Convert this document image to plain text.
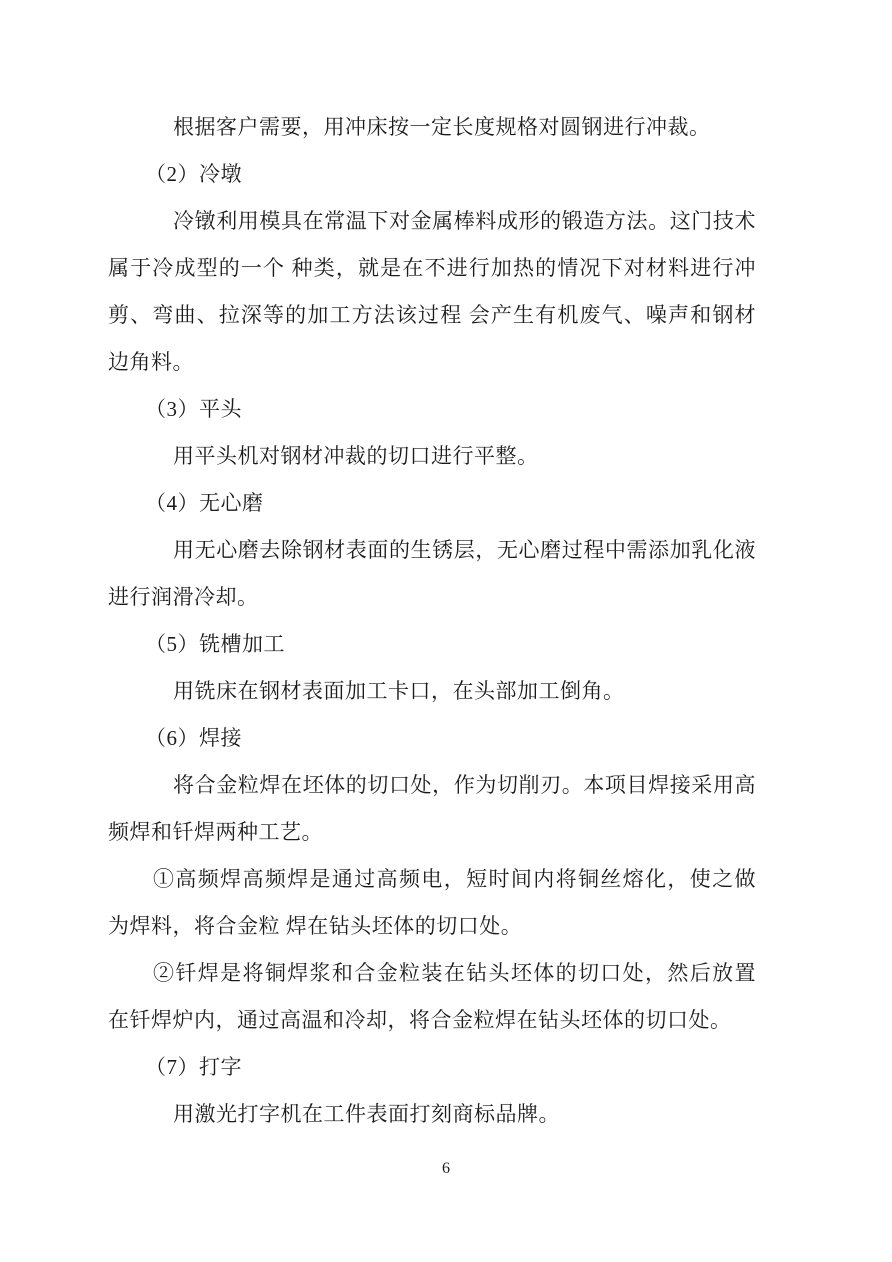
根据客户需要，用冲床按一定长度规格对圆钢进行冲裁。
（2）冷墩
冷镦利用模具在常温下对金属棒料成形的锻造方法。这门技术
属于冷成型的一个 种类，就是在不进行加热的情况下对材料进行冲
剪、弯曲、拉深等的加工方法该过程 会产生有机废气、噪声和钢材
边角料。
（3）平头
用平头机对钢材冲裁的切口进行平整。
（4）无心磨
用无心磨去除钢材表面的生锈层，无心磨过程中需添加乳化液
进行润滑冷却。
（5）铣槽加工
用铣床在钢材表面加工卡口，在头部加工倒角。
（6）焊接
将合金粒焊在坯体的切口处，作为切削刃。本项目焊接采用高
频焊和钎焊两种工艺。
①高频焊高频焊是通过高频电，短时间内将铜丝熔化，使之做
为焊料，将合金粒 焊在钻头坯体的切口处。
②钎焊是将铜焊浆和合金粒装在钻头坯体的切口处，然后放置
在钎焊炉内，通过高温和冷却，将合金粒焊在钻头坯体的切口处。
（7）打字
用激光打字机在工件表面打刻商标品牌。
6
